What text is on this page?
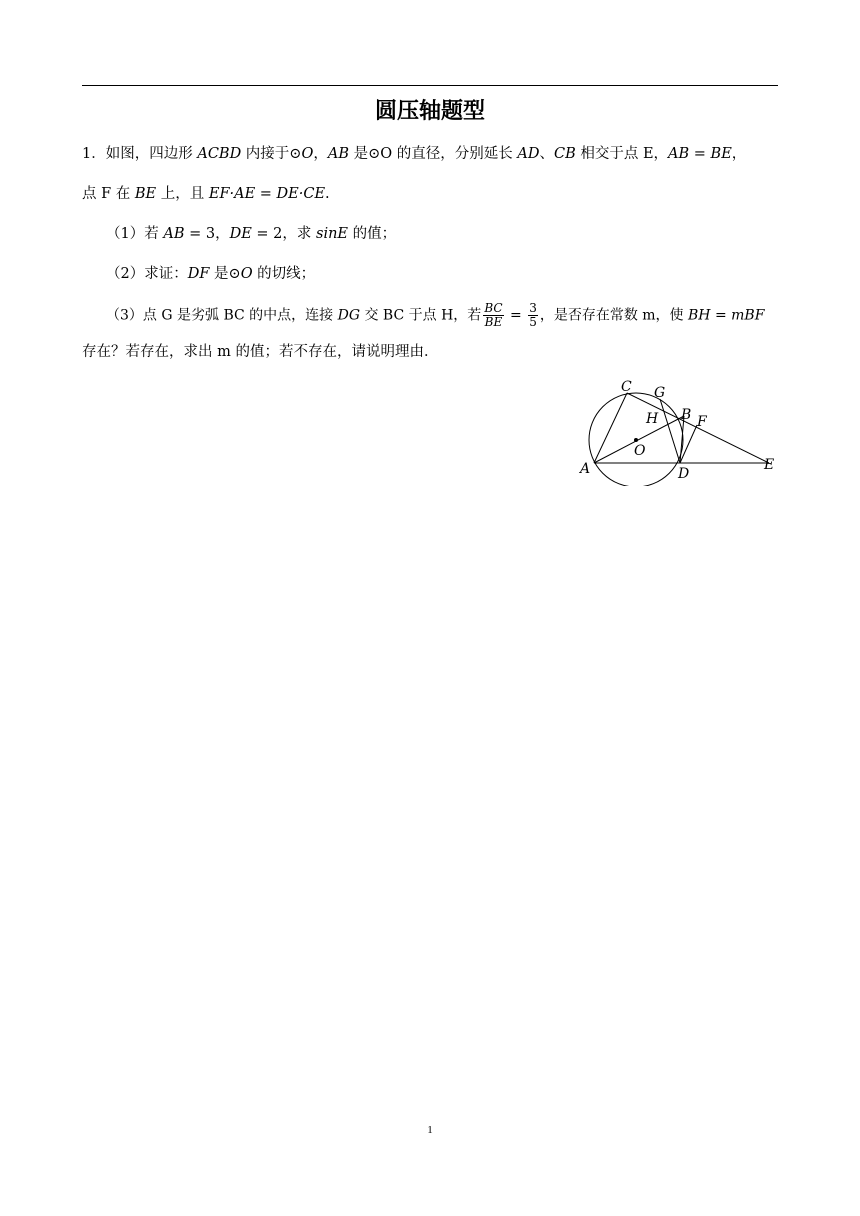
圆压轴题型
1．如图，四边形 ACBD 内接于⊙O，AB 是⊙O 的直径，分别延长 AD、CB 相交于点 E，AB = BE，
点 F 在 BE 上，且 EF·AE = DE·CE.
（1）若 AB = 3，DE = 2，求 sinE 的值；
（2）求证：DF 是⊙O 的切线；
（3）点 G 是劣弧 BC 的中点，连接 DG 交 BC 于点 H，若 $\frac{BC}{BE} = \frac{3}{5}$ ，是否存在常数 m，使 BH = mBF
存在？若存在，求出 m 的值；若不存在，请说明理由．
A
B
C
D
E
F
G
H
O
1
